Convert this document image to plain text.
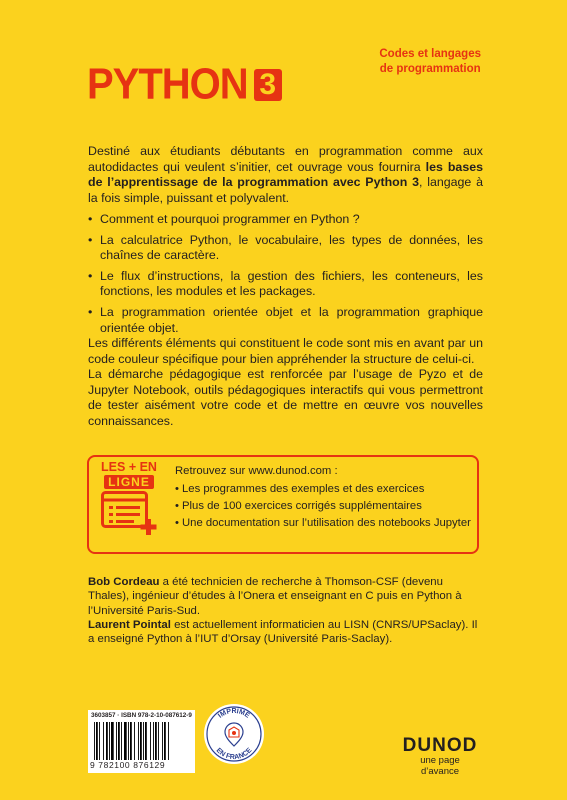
Codes et langages
de programmation
PYTHON 3
Destiné aux étudiants débutants en programmation comme aux autodidactes qui veulent s’initier, cet ouvrage vous fournira les bases de l’apprentissage de la programmation avec Python 3, langage à la fois simple, puissant et polyvalent.
• Comment et pourquoi programmer en Python ?
• La calculatrice Python, le vocabulaire, les types de données, les chaînes de caractère.
• Le flux d’instructions, la gestion des fichiers, les conteneurs, les fonctions, les modules et les packages.
• La programmation orientée objet et la programmation graphique orientée objet.
Les différents éléments qui constituent le code sont mis en avant par un code couleur spécifique pour bien appréhender la structure de celui-ci.
La démarche pédagogique est renforcée par l’usage de Pyzo et de Jupyter Notebook, outils pédagogiques interactifs qui vous permettront de tester aisément votre code et de mettre en œuvre vos nouvelles connaissances.
LES + EN
LIGNE
Retrouvez sur www.dunod.com :
• Les programmes des exemples et des exercices
• Plus de 100 exercices corrigés supplémentaires
• Une documentation sur l’utilisation des notebooks Jupyter
Bob Cordeau a été technicien de recherche à Thomson-CSF (devenu Thales), ingénieur d’études à l’Onera et enseignant en C puis en Python à l’Université Paris-Sud.
Laurent Pointal est actuellement informaticien au LISN (CNRS/UPSaclay). Il a enseigné Python à l’IUT d’Orsay (Université Paris-Saclay).
3603857 · ISBN 978-2-10-087612-9
9 782100 876129
IMPRIMÉ
EN FRANCE	DUNOD
une page d’avance
